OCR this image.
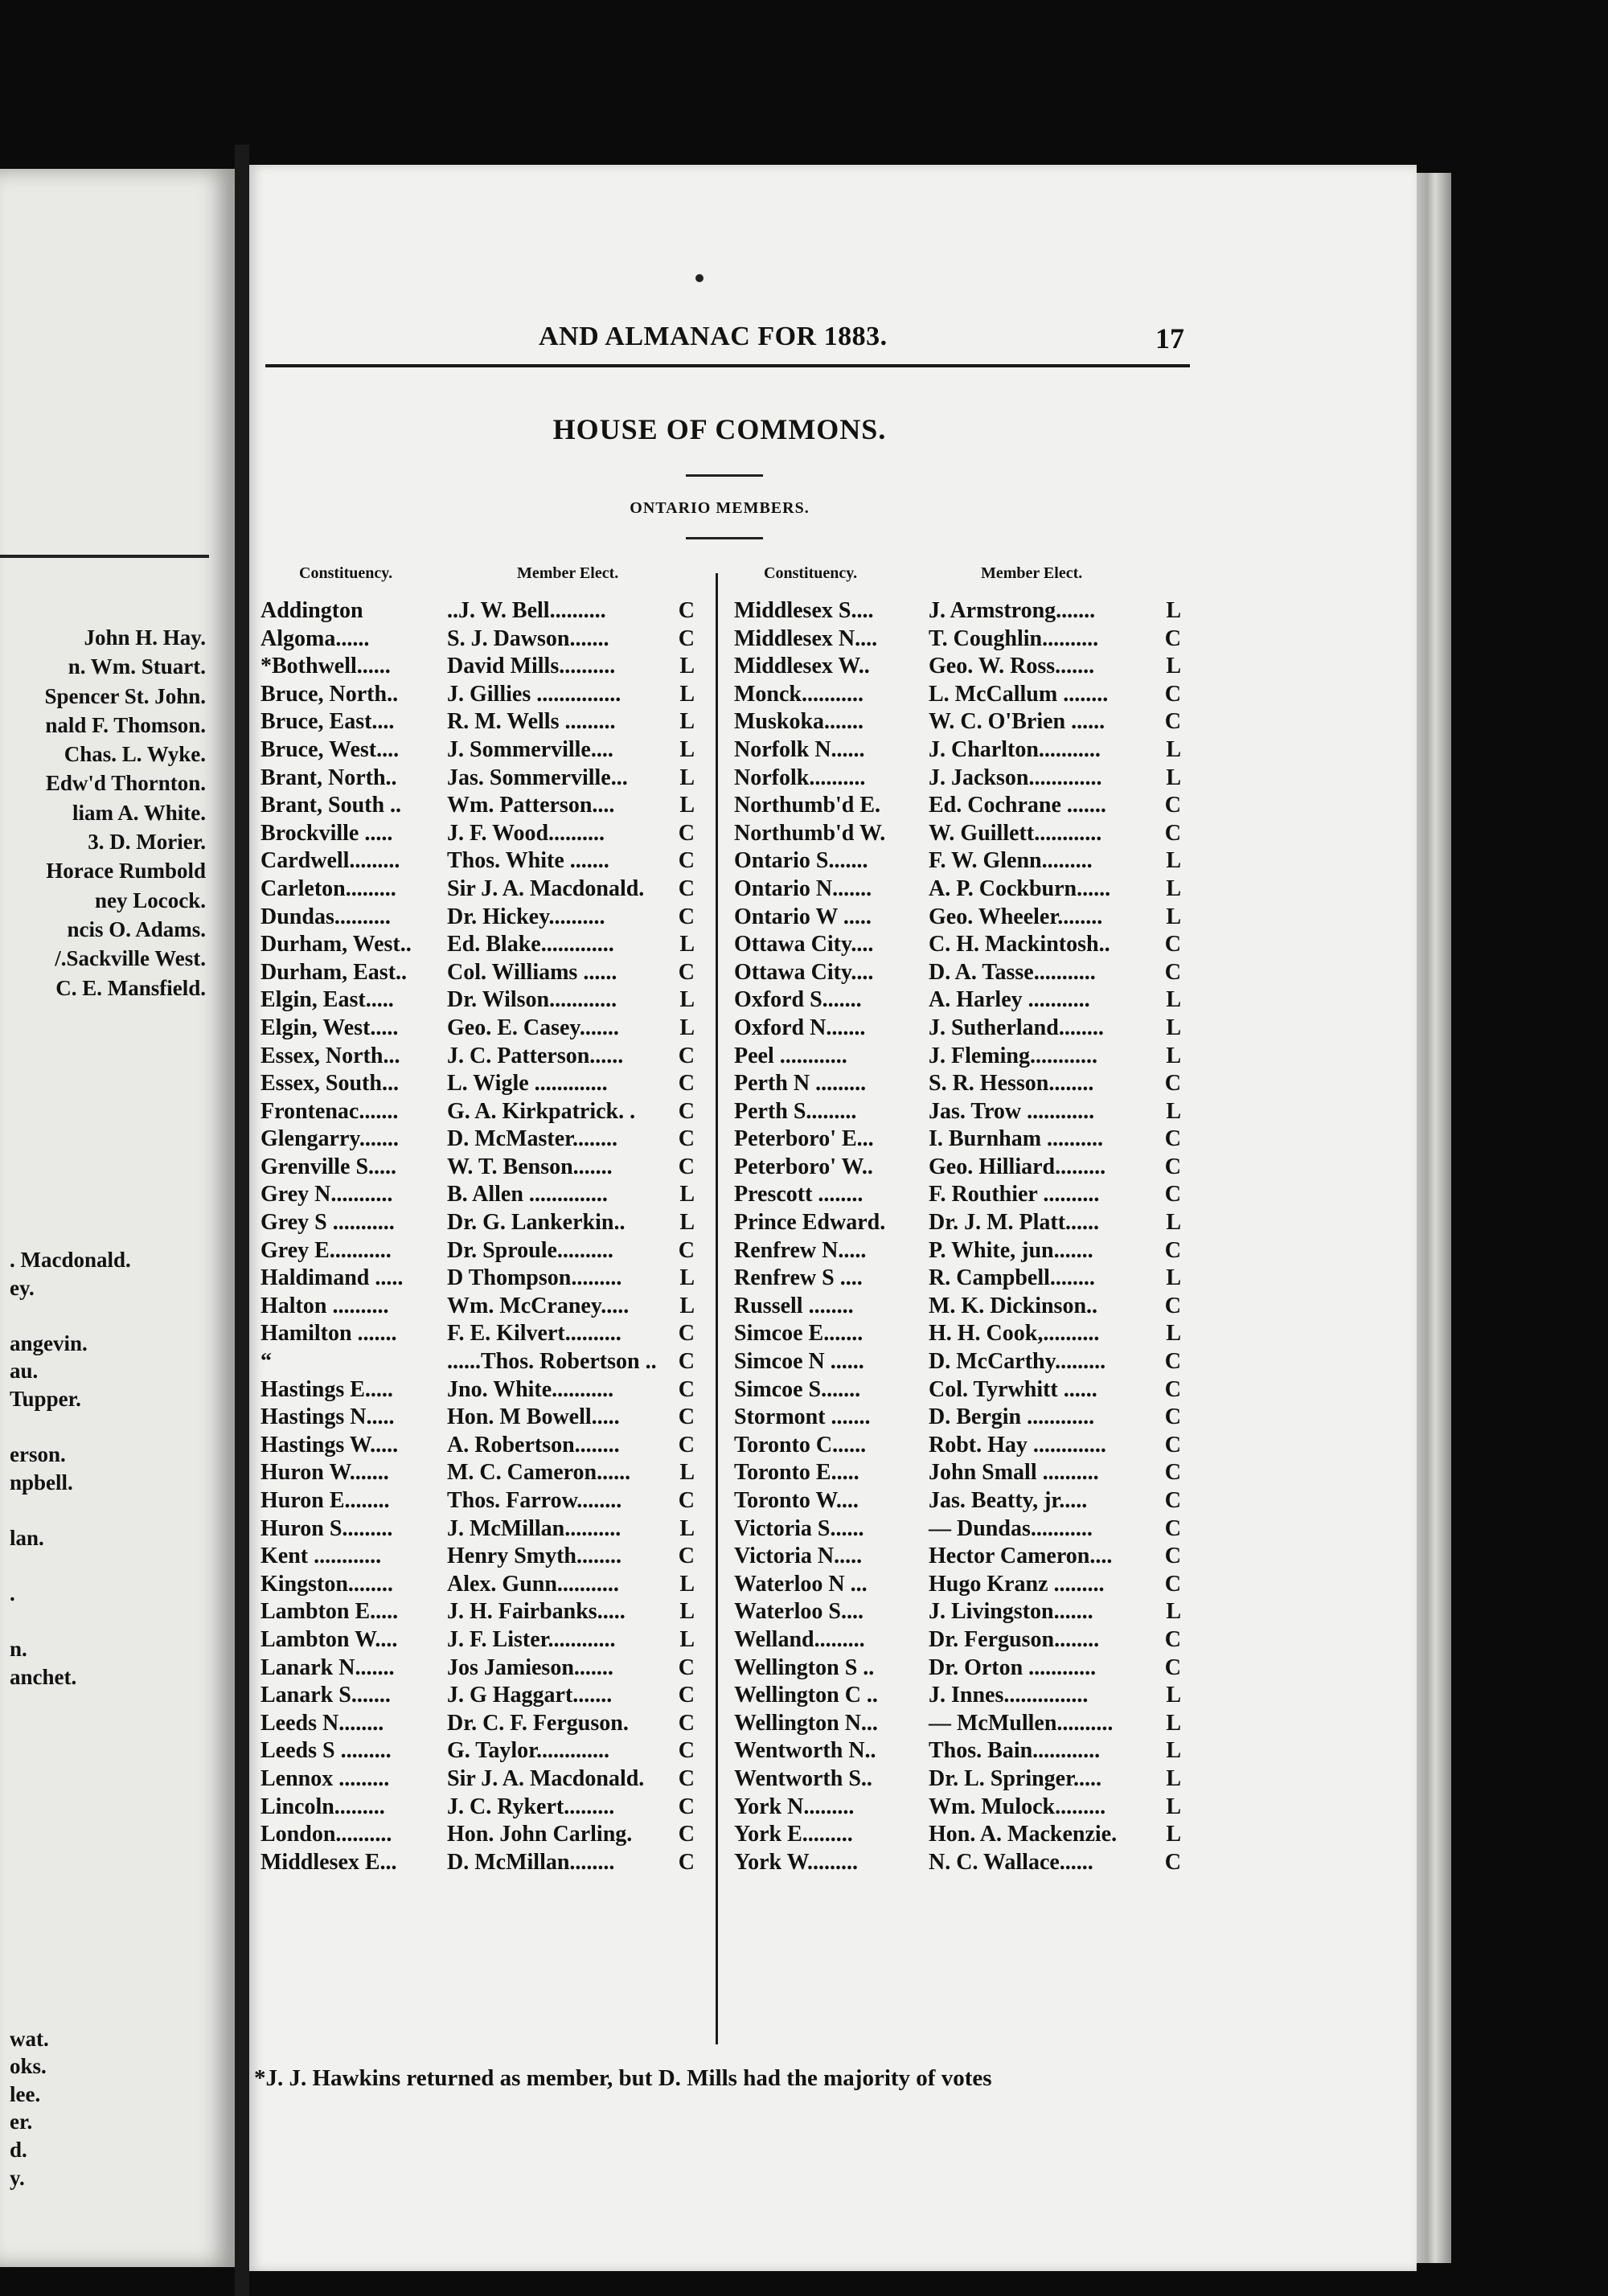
John H. Hay.
n. Wm. Stuart.
Spencer St. John.
nald F. Thomson.
Chas. L. Wyke.
Edw'd Thornton.
liam A. White.
3. D. Morier.
Horace Rumbold
ney Locock.
ncis O. Adams.
/.Sackville West.
C. E. Mansfield.
. Macdonald.
ey.
angevin.
au.
Tupper.
erson.
npbell.
lan.
.
n.
anchet.
wat.
oks.
lee.
er.
d.
y.
AND ALMANAC FOR 1883.	17
HOUSE OF COMMONS.
ONTARIO MEMBERS.
Constituency.	Member Elect.	Constituency.	Member Elect.
Addington	..J. W. Bell..........	C
Algoma......	S. J. Dawson.......	C
*Bothwell......	David Mills..........	L
Bruce, North.. J. Gillies ...............	L
Bruce, East.... R. M. Wells .........	L
Bruce, West.... J. Sommerville....	L
Brant, North.. Jas. Sommerville... L
Brant, South .. Wm. Patterson....	L
Brockville ..... J. F. Wood..........	C
Cardwell......... Thos. White .......	C
Carleton......... Sir J. A. Macdonald. C
Dundas..........	Dr. Hickey..........	C
Durham, West.. Ed. Blake.............	L
Durham, East.. Col. Williams ......	C
Elgin, East..... Dr. Wilson............	L
Elgin, West..... Geo. E. Casey.......	L
Essex, North... J. C. Patterson...... C
Essex, South... L. Wigle .............	C
Frontenac....... G. A. Kirkpatrick. . C
Glengarry....... D. McMaster........	C
Grenville S..... W. T. Benson.......	C
Grey N........... B. Allen ..............	L
Grey S ........... Dr. G. Lankerkin.. L
Grey E........... Dr. Sproule..........	C
Haldimand ..... D Thompson.........	L
Halton ..........	Wm. McCraney..... L
Hamilton ....... F. E. Kilvert..........	C
“	......Thos. Robertson .. C
Hastings E..... Jno. White...........	C
Hastings N..... Hon. M Bowell.....	C
Hastings W..... A. Robertson........	C
Huron W.......	M. C. Cameron...... L
Huron E........	Thos. Farrow........	C
Huron S......... J. McMillan..........	L
Kent ............	Henry Smyth........	C
Kingston........ Alex. Gunn...........	L
Lambton E..... J. H. Fairbanks..... L
Lambton W.... J. F. Lister............	L
Lanark N....... Jos Jamieson.......	C
Lanark S.......	J. G Haggart.......	C
Leeds N........	Dr. C. F. Ferguson. C
Leeds S ......... G. Taylor.............	C
Lennox .........	Sir J. A. Macdonald. C
Lincoln.........	J. C. Rykert.........	C
London.......... Hon. John Carling. C
Middlesex E... D. McMillan........	C
Middlesex S.... J. Armstrong.......	L
Middlesex N.... T. Coughlin..........	C
Middlesex W..	Geo. W. Ross.......	L
Monck...........	L. McCallum ........	C
Muskoka.......	W. C. O'Brien ......	C
Norfolk N......	J. Charlton...........	L
Norfolk..........	J. Jackson.............	L
Northumb'd E. Ed. Cochrane .......	C
Northumb'd W. W. Guillett............	C
Ontario S.......	F. W. Glenn.........	L
Ontario N.......	A. P. Cockburn...... L
Ontario W .....	Geo. Wheeler........	L
Ottawa City.... C. H. Mackintosh.. C
Ottawa City.... D. A. Tasse...........	C
Oxford S.......	A. Harley ...........	L
Oxford N.......	J. Sutherland........	L
Peel ............	J. Fleming............	L
Perth N .........	S. R. Hesson........	C
Perth S.........	Jas. Trow ............	L
Peterboro' E... I. Burnham ..........	C
Peterboro' W.. Geo. Hilliard.........	C
Prescott ........	F. Routhier ..........	C
Prince Edward. Dr. J. M. Platt......	L
Renfrew N.....	P. White, jun.......	C
Renfrew S ....	R. Campbell........	L
Russell ........	M. K. Dickinson..	C
Simcoe E.......	H. H. Cook,..........	L
Simcoe N ......	D. McCarthy.........	C
Simcoe S.......	Col. Tyrwhitt ......	C
Stormont .......	D. Bergin ............	C
Toronto C......	Robt. Hay .............	C
Toronto E.....	John Small ..........	C
Toronto W....	Jas. Beatty, jr.....	C
Victoria S......	— Dundas...........	C
Victoria N.....	Hector Cameron.... C
Waterloo N ...	Hugo Kranz .........	C
Waterloo S....	J. Livingston.......	L
Welland.........	Dr. Ferguson........	C
Wellington S .. Dr. Orton ............	C
Wellington C .. J. Innes...............	L
Wellington N... — McMullen.......... L
Wentworth N.. Thos. Bain............	L
Wentworth S..	Dr. L. Springer.....	L
York N.........	Wm. Mulock.........	L
York E.........	Hon. A. Mackenzie. L
York W.........	N. C. Wallace......	C
*J. J. Hawkins returned as member, but D. Mills had the majority of votes
